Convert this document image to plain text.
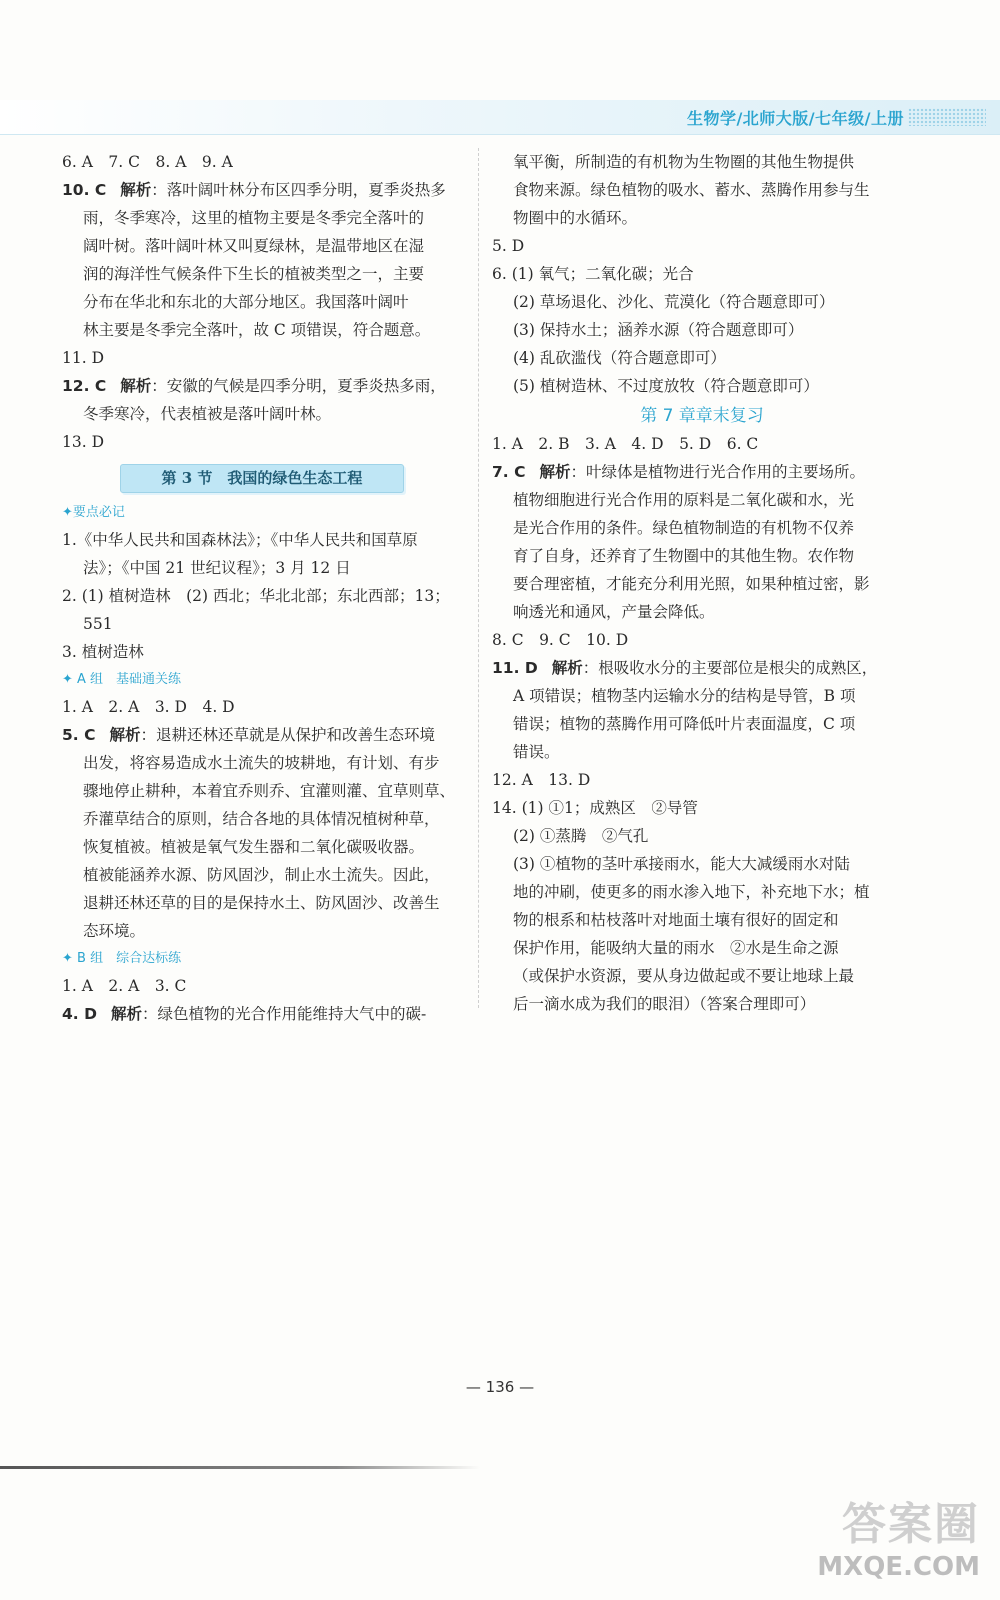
生物学/北师大版/七年级/上册
6. A　7. C　8. A　9. A
10. C 解析：落叶阔叶林分布区四季分明，夏季炎热多
雨，冬季寒冷，这里的植物主要是冬季完全落叶的
阔叶树。落叶阔叶林又叫夏绿林，是温带地区在湿
润的海洋性气候条件下生长的植被类型之一，主要
分布在华北和东北的大部分地区。我国落叶阔叶
林主要是冬季完全落叶，故 C 项错误，符合题意。
11. D
12. C 解析：安徽的气候是四季分明，夏季炎热多雨，
冬季寒冷，代表植被是落叶阔叶林。
13. D
第 3 节　我国的绿色生态工程
✦要点必记
1.《中华人民共和国森林法》；《中华人民共和国草原
法》；《中国 21 世纪议程》；3 月 12 日
2. (1) 植树造林　(2) 西北；华北北部；东北西部；13；
551
3. 植树造林
✦ A 组　基础通关练
1. A　2. A　3. D　4. D
5. C 解析：退耕还林还草就是从保护和改善生态环境
出发，将容易造成水土流失的坡耕地，有计划、有步
骤地停止耕种，本着宜乔则乔、宜灌则灌、宜草则草、
乔灌草结合的原则，结合各地的具体情况植树种草，
恢复植被。植被是氧气发生器和二氧化碳吸收器。
植被能涵养水源、防风固沙，制止水土流失。因此，
退耕还林还草的目的是保持水土、防风固沙、改善生
态环境。
✦ B 组　综合达标练
1. A　2. A　3. C
4. D 解析：绿色植物的光合作用能维持大气中的碳-
氧平衡，所制造的有机物为生物圈的其他生物提供
食物来源。绿色植物的吸水、蓄水、蒸腾作用参与生
物圈中的水循环。
5. D
6. (1) 氧气；二氧化碳；光合
(2) 草场退化、沙化、荒漠化（符合题意即可）
(3) 保持水土；涵养水源（符合题意即可）
(4) 乱砍滥伐（符合题意即可）
(5) 植树造林、不过度放牧（符合题意即可）
第 7 章章末复习
1. A　2. B　3. A　4. D　5. D　6. C
7. C 解析：叶绿体是植物进行光合作用的主要场所。
植物细胞进行光合作用的原料是二氧化碳和水，光
是光合作用的条件。绿色植物制造的有机物不仅养
育了自身，还养育了生物圈中的其他生物。农作物
要合理密植，才能充分利用光照，如果种植过密，影
响透光和通风，产量会降低。
8. C　9. C　10. D
11. D 解析：根吸收水分的主要部位是根尖的成熟区，
A 项错误；植物茎内运输水分的结构是导管，B 项
错误；植物的蒸腾作用可降低叶片表面温度，C 项
错误。
12. A　13. D
14. (1) ①1；成熟区　②导管
(2) ①蒸腾　②气孔
(3) ①植物的茎叶承接雨水，能大大减缓雨水对陆
地的冲刷，使更多的雨水渗入地下，补充地下水；植
物的根系和枯枝落叶对地面土壤有很好的固定和
保护作用，能吸纳大量的雨水　②水是生命之源
（或保护水资源，要从身边做起或不要让地球上最
后一滴水成为我们的眼泪）（答案合理即可）
— 136 —
答案圈
MXQE.COM
